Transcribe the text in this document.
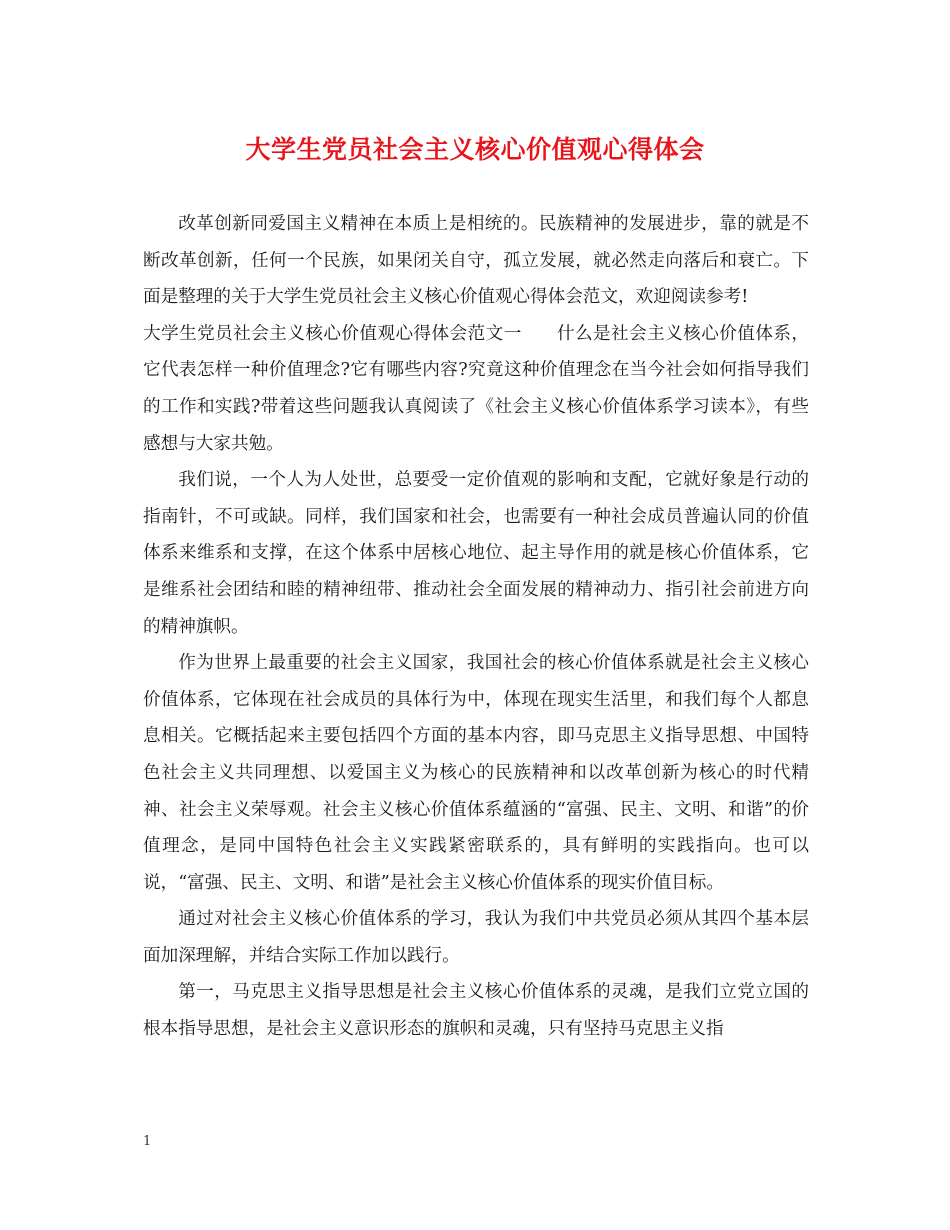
大学生党员社会主义核心价值观心得体会

改革创新同爱国主义精神在本质上是相统的。民族精神的发展进步，靠的就是不断改革创新，任何一个民族，如果闭关自守，孤立发展，就必然走向落后和衰亡。下面是整理的关于大学生党员社会主义核心价值观心得体会范文，欢迎阅读参考!

大学生党员社会主义核心价值观心得体会范文一 什么是社会主义核心价值体系，它代表怎样一种价值理念?它有哪些内容?究竟这种价值理念在当今社会如何指导我们的工作和实践?带着这些问题我认真阅读了《社会主义核心价值体系学习读本》，有些感想与大家共勉。

我们说，一个人为人处世，总要受一定价值观的影响和支配，它就好象是行动的指南针，不可或缺。同样，我们国家和社会，也需要有一种社会成员普遍认同的价值体系来维系和支撑，在这个体系中居核心地位、起主导作用的就是核心价值体系，它是维系社会团结和睦的精神纽带、推动社会全面发展的精神动力、指引社会前进方向的精神旗帜。

作为世界上最重要的社会主义国家，我国社会的核心价值体系就是社会主义核心价值体系，它体现在社会成员的具体行为中，体现在现实生活里，和我们每个人都息息相关。它概括起来主要包括四个方面的基本内容，即马克思主义指导思想、中国特色社会主义共同理想、以爱国主义为核心的民族精神和以改革创新为核心的时代精神、社会主义荣辱观。社会主义核心价值体系蕴涵的“富强、民主、文明、和谐”的价值理念，是同中国特色社会主义实践紧密联系的，具有鲜明的实践指向。也可以说，“富强、民主、文明、和谐”是社会主义核心价值体系的现实价值目标。

通过对社会主义核心价值体系的学习，我认为我们中共党员必须从其四个基本层面加深理解，并结合实际工作加以践行。

第一，马克思主义指导思想是社会主义核心价值体系的灵魂，是我们立党立国的根本指导思想，是社会主义意识形态的旗帜和灵魂，只有坚持马克思主义指

1
